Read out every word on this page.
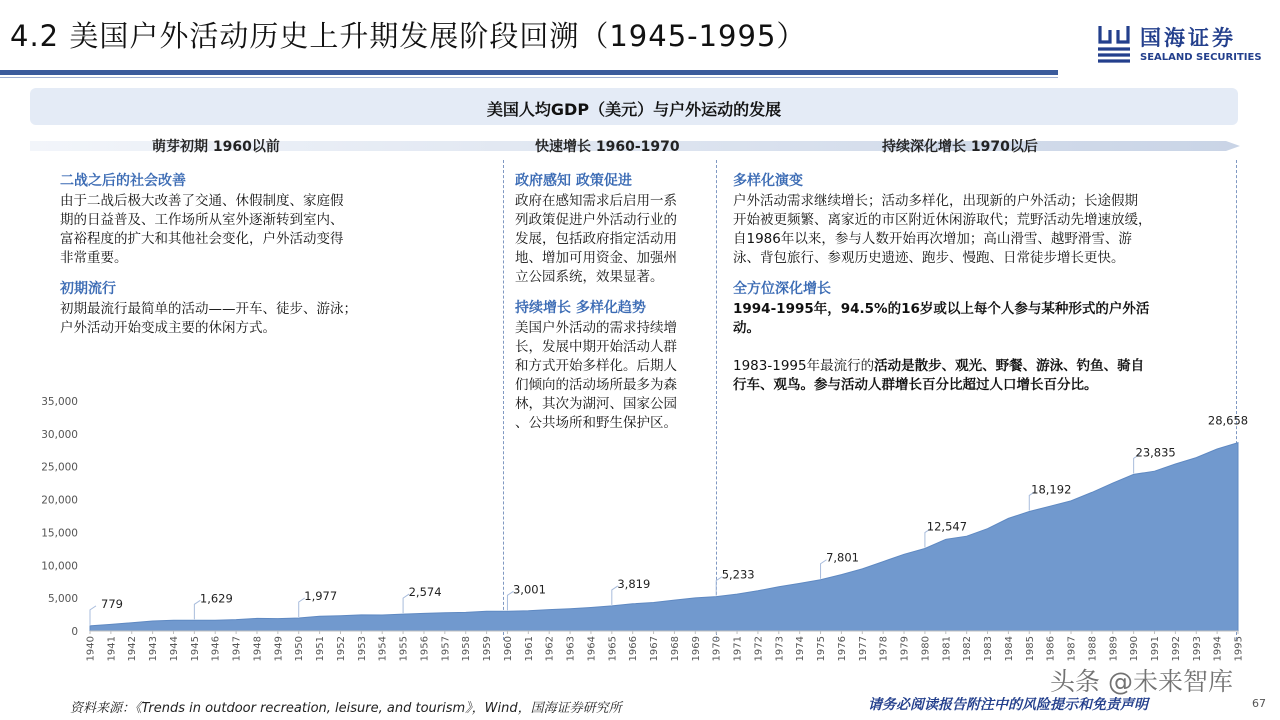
4.2 美国户外活动历史上升期发展阶段回溯（1945-1995）	国海证券
SEALAND SECURITIES
美国人均GDP（美元）与户外运动的发展
萌芽初期 1960以前	快速增长 1960-1970	持续深化增长 1970以后
二战之后的社会改善
由于二战后极大改善了交通、休假制度、家庭假
期的日益普及、工作场所从室外逐渐转到室内、
富裕程度的扩大和其他社会变化，户外活动变得
非常重要。
初期流行
初期最流行最简单的活动——开车、徒步、游泳；
户外活动开始变成主要的休闲方式。
政府感知 政策促进
政府在感知需求后启用一系
列政策促进户外活动行业的
发展，包括政府指定活动用
地、增加可用资金、加强州
立公园系统，效果显著。
持续增长 多样化趋势
美国户外活动的需求持续增
长，发展中期开始活动人群
和方式开始多样化。后期人
们倾向的活动场所最多为森
林，其次为湖河、国家公园
、公共场所和野生保护区。
多样化演变
户外活动需求继续增长；活动多样化，出现新的户外活动；长途假期
开始被更频繁、离家近的市区附近休闲游取代；荒野活动先增速放缓，
自1986年以来，参与人数开始再次增加；高山滑雪、越野滑雪、游
泳、背包旅行、参观历史遗迹、跑步、慢跑、日常徒步增长更快。
全方位深化增长
1994-1995年，94.5%的16岁或以上每个人参与某种形式的户外活
动。
1983-1995年最流行的活动是散步、观光、野餐、游泳、钓鱼、骑自
行车、观鸟。参与活动人群增长百分比超过人口增长百分比。
0
5,000
10,000
15,000
20,000
25,000
30,000
35,000
1940 1941 1942 1943 1944 1945 1946 1947 1948 1949 1950 1951 1952 1953 1954 1955 1956 1957 1958 1959 1960 1961 1962 1963 1964 1965 1966 1967 1968 1969 1970 1971 1972 1973 1974 1975 1976 1977 1978 1979 1980 1981 1982 1983 1984 1985 1986 1987 1988 1989 1990 1991 1992 1993 1994 1995
779	1,629	1,977	2,574	3,001	3,819
5,233
7,801
12,547
18,192
23,835
28,658
资料来源：《Trends in outdoor recreation, leisure, and tourism》，Wind，国海证券研究所	请务必阅读报告附注中的风险提示和免责声明	67
头条 @未来智库
